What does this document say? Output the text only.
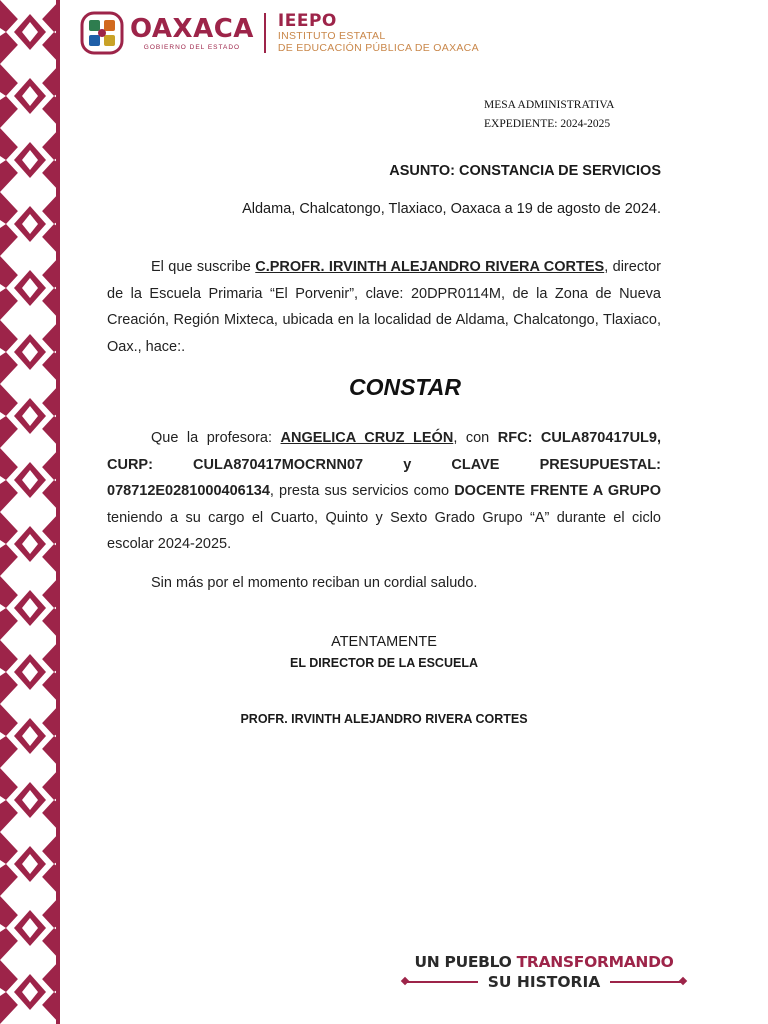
OAXACA
GOBIERNO DEL ESTADO
IEEPO
INSTITUTO ESTATAL
DE EDUCACIÓN PÚBLICA DE OAXACA
MESA ADMINISTRATIVA
EXPEDIENTE: 2024-2025
ASUNTO: CONSTANCIA DE SERVICIOS
Aldama, Chalcatongo, Tlaxiaco, Oaxaca a 19 de agosto de 2024.
El que suscribe C.PROFR. IRVINTH ALEJANDRO RIVERA CORTES, director de la Escuela Primaria “El Porvenir”, clave: 20DPR0114M, de la Zona de Nueva Creación, Región Mixteca, ubicada en la localidad de Aldama, Chalcatongo, Tlaxiaco, Oax., hace:.
CONSTAR
Que la profesora: ANGELICA CRUZ LEÓN, con RFC: CULA870417UL9, CURP: CULA870417MOCRNN07 y CLAVE PRESUPUESTAL: 078712E0281000406134, presta sus servicios como DOCENTE FRENTE A GRUPO teniendo a su cargo el Cuarto, Quinto y Sexto Grado Grupo “A” durante el ciclo escolar 2024-2025.
Sin más por el momento reciban un cordial saludo.
ATENTAMENTE
EL DIRECTOR DE LA ESCUELA
PROFR. IRVINTH ALEJANDRO RIVERA CORTES
UN PUEBLO TRANSFORMANDO
SU HISTORIA
